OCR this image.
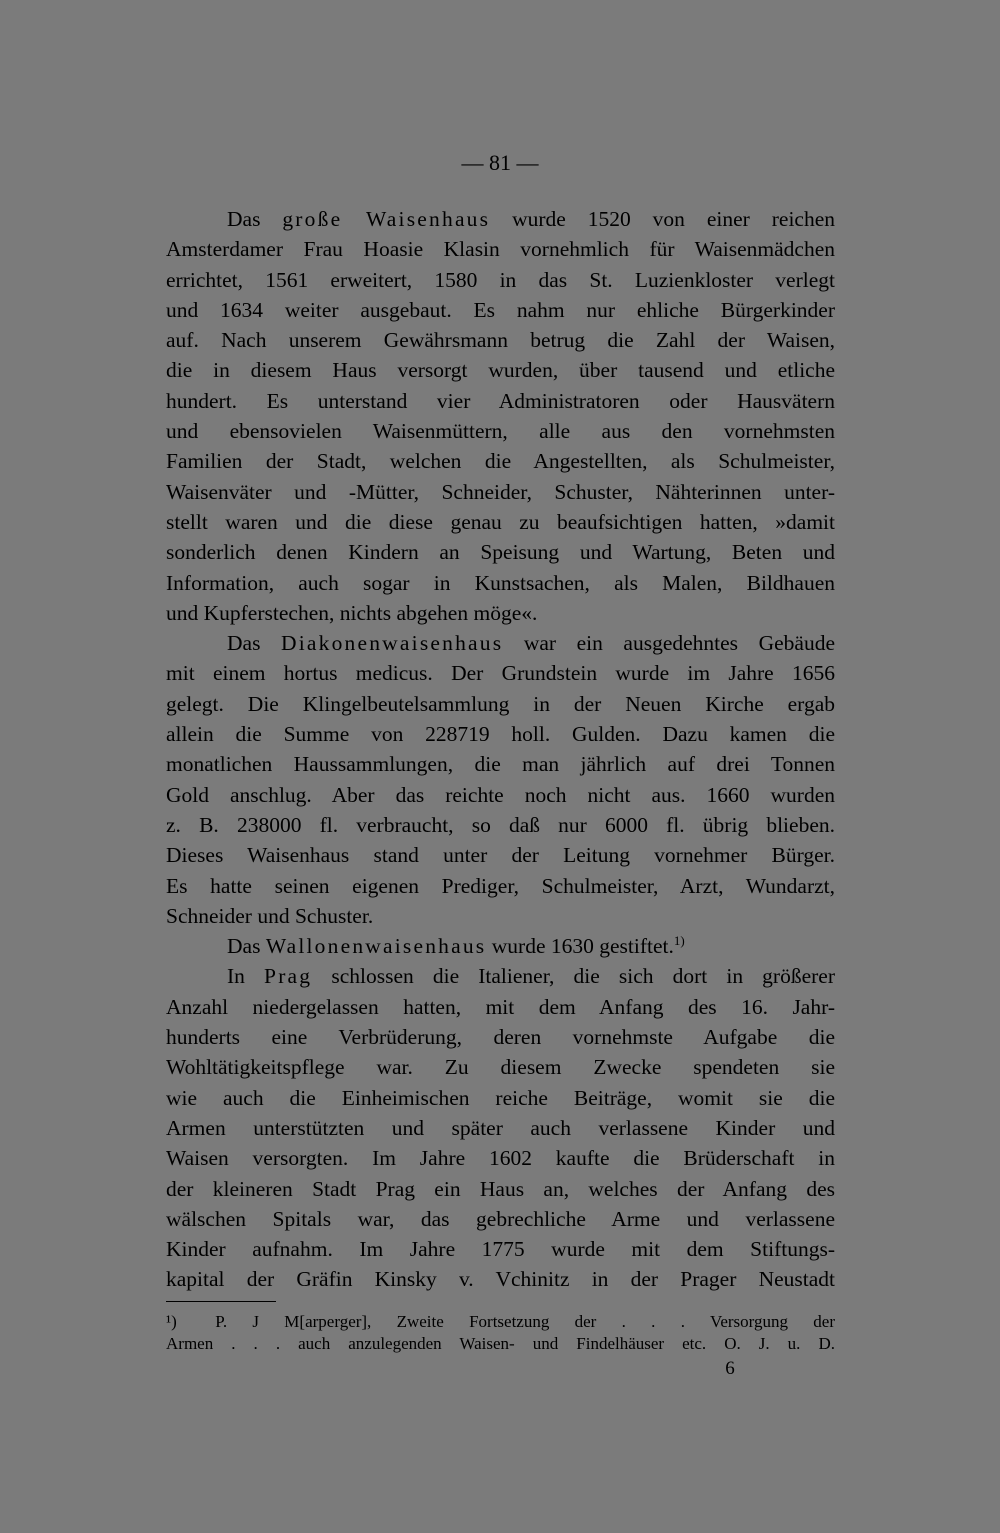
— 81 —
Das große Waisenhaus wurde 1520 von einer reichen
Amsterdamer Frau Hoasie Klasin vornehmlich für Waisenmädchen
errichtet, 1561 erweitert, 1580 in das St. Luzienkloster verlegt
und 1634 weiter ausgebaut. Es nahm nur ehliche Bürgerkinder
auf. Nach unserem Gewährsmann betrug die Zahl der Waisen,
die in diesem Haus versorgt wurden, über tausend und etliche
hundert. Es unterstand vier Administratoren oder Hausvätern
und ebensovielen Waisenmüttern, alle aus den vornehmsten
Familien der Stadt, welchen die Angestellten, als Schulmeister,
Waisenväter und -Mütter, Schneider, Schuster, Nähterinnen unter-
stellt waren und die diese genau zu beaufsichtigen hatten, »damit
sonderlich denen Kindern an Speisung und Wartung, Beten und
Information, auch sogar in Kunstsachen, als Malen, Bildhauen
und Kupferstechen, nichts abgehen möge«.
Das Diakonenwaisenhaus war ein ausgedehntes Gebäude
mit einem hortus medicus. Der Grundstein wurde im Jahre 1656
gelegt. Die Klingelbeutelsammlung in der Neuen Kirche ergab
allein die Summe von 228719 holl. Gulden. Dazu kamen die
monatlichen Haussammlungen, die man jährlich auf drei Tonnen
Gold anschlug. Aber das reichte noch nicht aus. 1660 wurden
z. B. 238000 fl. verbraucht, so daß nur 6000 fl. übrig blieben.
Dieses Waisenhaus stand unter der Leitung vornehmer Bürger.
Es hatte seinen eigenen Prediger, Schulmeister, Arzt, Wundarzt,
Schneider und Schuster.
Das Wallonenwaisenhaus wurde 1630 gestiftet.$^{1)}$
In Prag schlossen die Italiener, die sich dort in größerer
Anzahl niedergelassen hatten, mit dem Anfang des 16. Jahr-
hunderts eine Verbrüderung, deren vornehmste Aufgabe die
Wohltätigkeitspflege war. Zu diesem Zwecke spendeten sie
wie auch die Einheimischen reiche Beiträge, womit sie die
Armen unterstützten und später auch verlassene Kinder und
Waisen versorgten. Im Jahre 1602 kaufte die Brüderschaft in
der kleineren Stadt Prag ein Haus an, welches der Anfang des
wälschen Spitals war, das gebrechliche Arme und verlassene
Kinder aufnahm. Im Jahre 1775 wurde mit dem Stiftungs-
kapital der Gräfin Kinsky v. Vchinitz in der Prager Neustadt
¹) P. J M[arperger], Zweite Fortsetzung der . . . Versorgung der
Armen . . . auch anzulegenden Waisen- und Findelhäuser etc. O. J. u. D.
6
